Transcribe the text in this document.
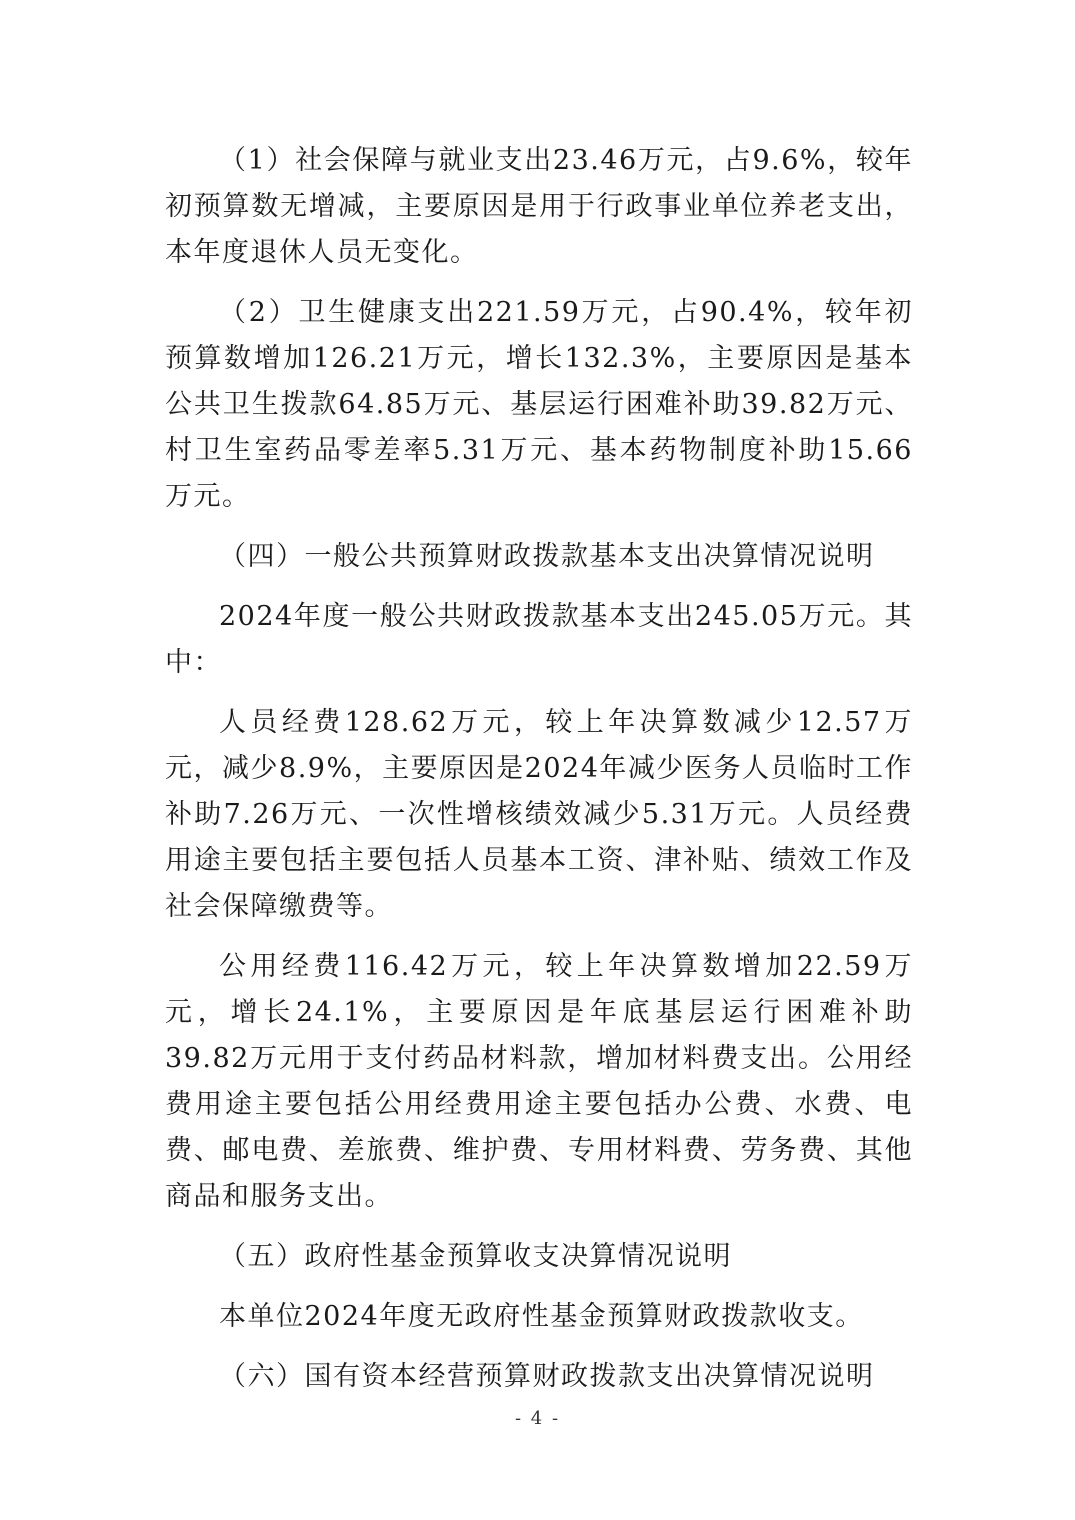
（1）社会保障与就业支出23.46万元，占9.6%，较年初预算数无增减，主要原因是用于行政事业单位养老支出，本年度退休人员无变化。

（2）卫生健康支出221.59万元，占90.4%，较年初预算数增加126.21万元，增长132.3%，主要原因是基本公共卫生拨款64.85万元、基层运行困难补助39.82万元、村卫生室药品零差率5.31万元、基本药物制度补助15.66万元。

（四）一般公共预算财政拨款基本支出决算情况说明

2024年度一般公共财政拨款基本支出245.05万元。其中：

人员经费128.62万元，较上年决算数减少12.57万元，减少8.9%，主要原因是2024年减少医务人员临时工作补助7.26万元、一次性增核绩效减少5.31万元。人员经费用途主要包括主要包括人员基本工资、津补贴、绩效工作及社会保障缴费等。

公用经费116.42万元，较上年决算数增加22.59万元，增长24.1%，主要原因是年底基层运行困难补助39.82万元用于支付药品材料款，增加材料费支出。公用经费用途主要包括公用经费用途主要包括办公费、水费、电费、邮电费、差旅费、维护费、专用材料费、劳务费、其他商品和服务支出。

（五）政府性基金预算收支决算情况说明

本单位2024年度无政府性基金预算财政拨款收支。

（六）国有资本经营预算财政拨款支出决算情况说明

- 4 -
